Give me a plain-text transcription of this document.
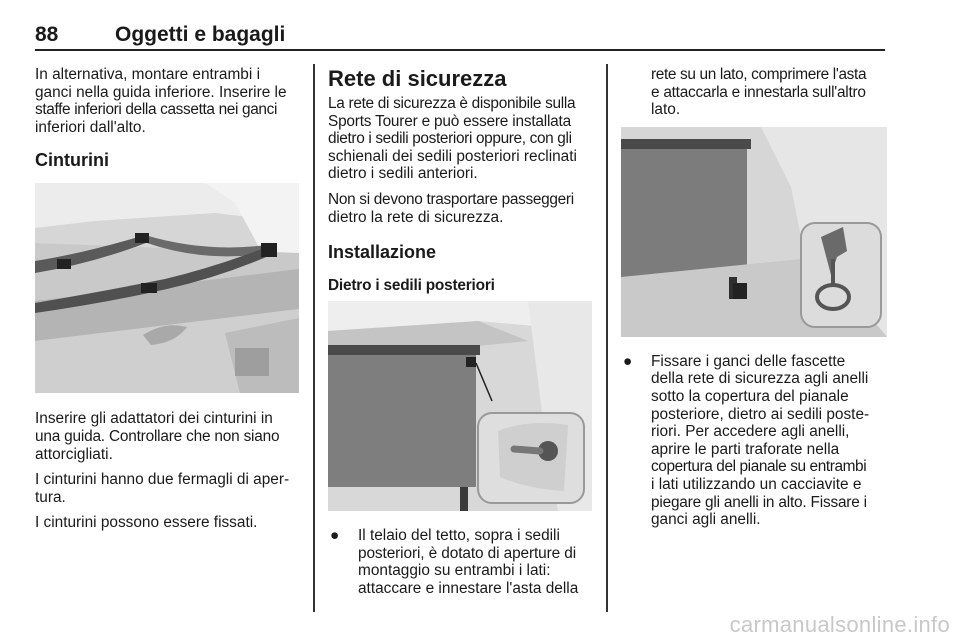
88	Oggetti e bagagli

In alternativa, montare entrambi i
ganci nella guida inferiore. Inserire le
staffe inferiori della cassetta nei ganci
inferiori dall'alto.

Cinturini

Inserire gli adattatori dei cinturini in
una guida. Controllare che non siano
attorcigliati.

I cinturini hanno due fermagli di aper-
tura.

I cinturini possono essere fissati.

Rete di sicurezza

La rete di sicurezza è disponibile sulla
Sports Tourer e può essere installata
dietro i sedili posteriori oppure, con gli
schienali dei sedili posteriori reclinati
dietro i sedili anteriori.

Non si devono trasportare passeggeri
dietro la rete di sicurezza.

Installazione
Dietro i sedili posteriori
●	Il telaio del tetto, sopra i sedili
posteriori, è dotato di aperture di
montaggio su entrambi i lati:
attaccare e innestare l'asta della

rete su un lato, comprimere l'asta
e attaccarla e innestarla sull'altro
lato.

●	Fissare i ganci delle fascette
della rete di sicurezza agli anelli
sotto la copertura del pianale
posteriore, dietro ai sedili poste-
riori. Per accedere agli anelli,
aprire le parti traforate nella
copertura del pianale su entrambi
i lati utilizzando un cacciavite e
piegare gli anelli in alto. Fissare i
ganci agli anelli.
carmanualsonline.info
